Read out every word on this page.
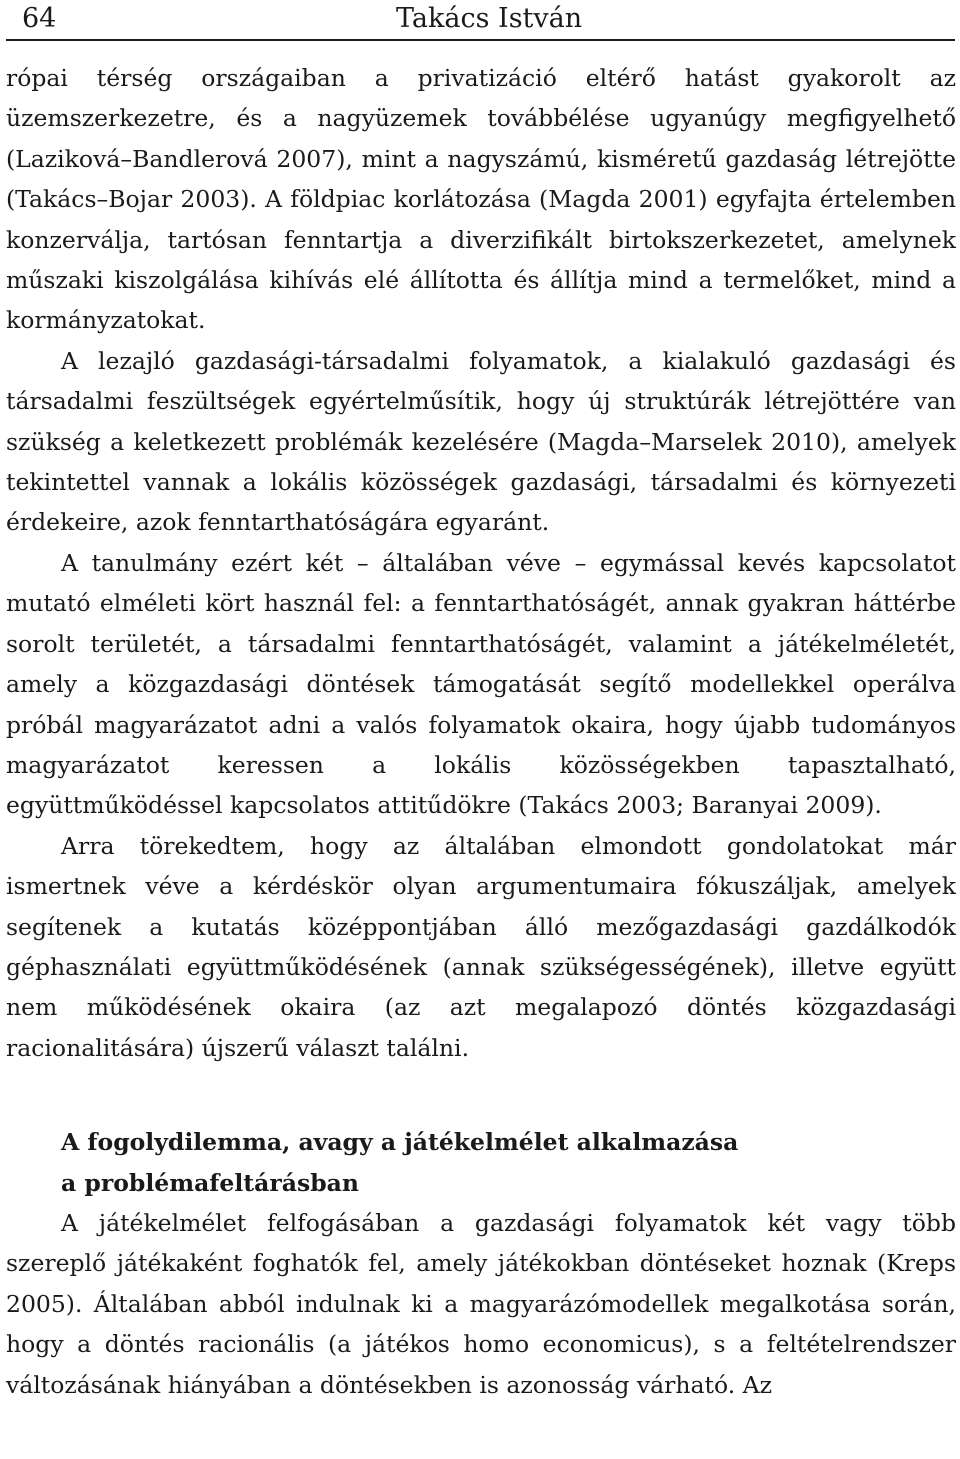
64	Takács István

rópai térség országaiban a privatizáció eltérő hatást gyakorolt az üzemszerkezetre, és a nagyüzemek továbbélése ugyanúgy megfigyelhető (Laziková–Bandlerová 2007), mint a nagyszámú, kisméretű gazdaság létrejötte (Takács–Bojar 2003). A földpiac korlátozása (Magda 2001) egyfajta értelemben konzerválja, tartósan fenntartja a diverzifikált birtokszerkezetet, amelynek műszaki kiszolgálása kihívás elé állította és állítja mind a termelőket, mind a kormányzatokat.

A lezajló gazdasági-társadalmi folyamatok, a kialakuló gazdasági és társadalmi feszültségek egyértelműsítik, hogy új struktúrák létrejöttére van szükség a keletkezett problémák kezelésére (Magda–Marselek 2010), amelyek tekintettel vannak a lokális közösségek gazdasági, társadalmi és környezeti érdekeire, azok fenntarthatóságára egyaránt.

A tanulmány ezért két – általában véve – egymással kevés kapcsolatot mutató elméleti kört használ fel: a fenntarthatóságét, annak gyakran háttérbe sorolt területét, a társadalmi fenntarthatóságét, valamint a játékelméletét, amely a közgazdasági döntések támogatását segítő modellekkel operálva próbál magyarázatot adni a valós folyamatok okaira, hogy újabb tudományos magyarázatot keressen a lokális közösségekben tapasztalható, együttműködéssel kapcsolatos attitűdökre (Takács 2003; Baranyai 2009).

Arra törekedtem, hogy az általában elmondott gondolatokat már ismertnek véve a kérdéskör olyan argumentumaira fókuszáljak, amelyek segítenek a kutatás középpontjában álló mezőgazdasági gazdálkodók géphasználati együttműködésének (annak szükségességének), illetve együtt nem működésének okaira (az azt megalapozó döntés közgazdasági racionalitására) újszerű választ találni.

A fogolydilemma, avagy a játékelmélet alkalmazása
a problémafeltárásban

A játékelmélet felfogásában a gazdasági folyamatok két vagy több szereplő játékaként foghatók fel, amely játékokban döntéseket hoznak (Kreps 2005). Általában abból indulnak ki a magyarázómodellek megalkotása során, hogy a döntés racionális (a játékos homo economicus), s a feltételrendszer változásának hiányában a döntésekben is azonosság várható. Az
